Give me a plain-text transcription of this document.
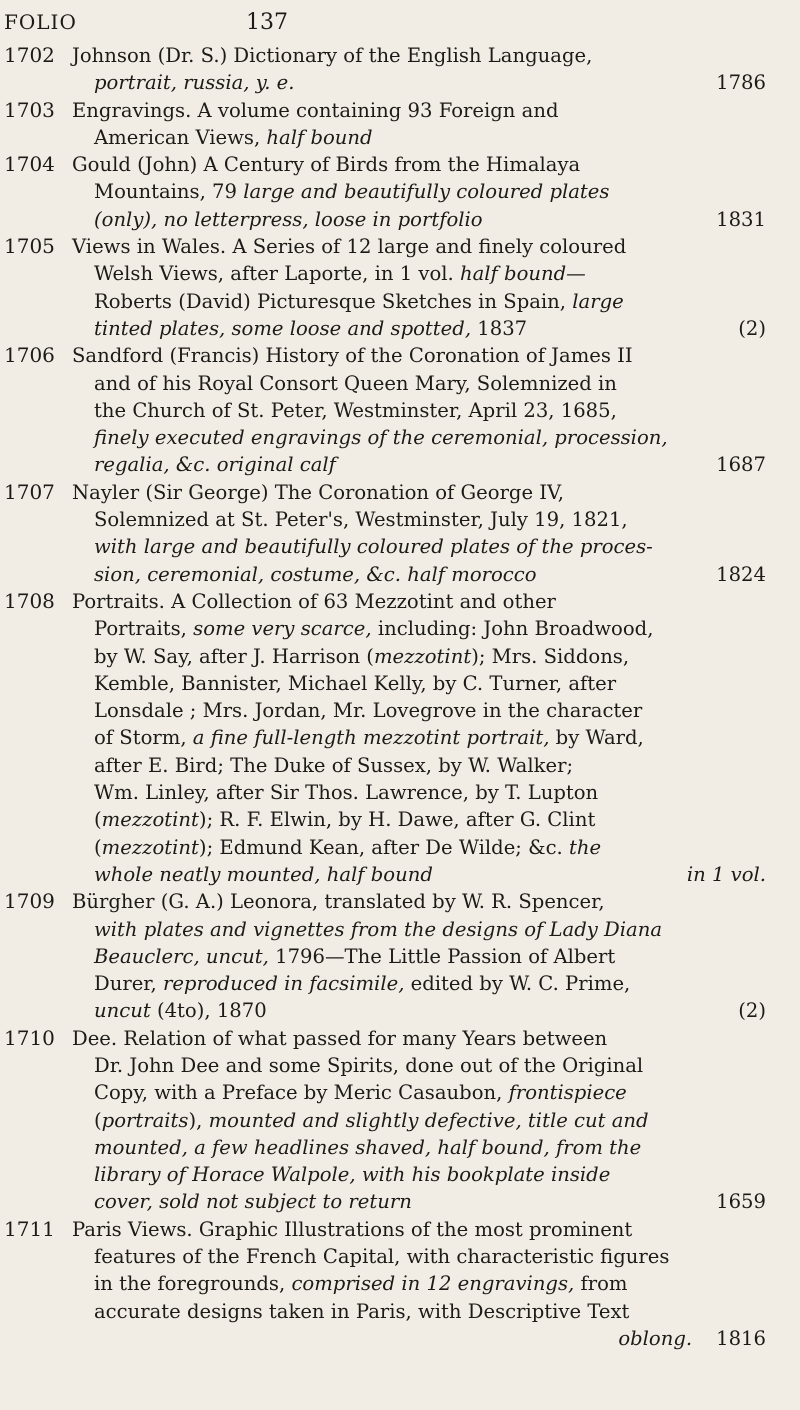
FOLIO	137
1702 Johnson (Dr. S.) Dictionary of the English Language,

1786
portrait, russia, y. e.

1703 Engravings. A volume containing 93 Foreign and

American Views, half bound

1704 Gould (John) A Century of Birds from the Himalaya

Mountains, 79 large and beautifully coloured plates

1831
(only), no letterpress, loose in portfolio

1705 Views in Wales. A Series of 12 large and finely coloured

Welsh Views, after Laporte, in 1 vol. half bound—

Roberts (David) Picturesque Sketches in Spain, large

(2)
tinted plates, some loose and spotted, 1837

1706 Sandford (Francis) History of the Coronation of James II

and of his Royal Consort Queen Mary, Solemnized in

the Church of St. Peter, Westminster, April 23, 1685,

finely executed engravings of the ceremonial, procession,

1687
regalia, &c. original calf

1707 Nayler (Sir George) The Coronation of George IV,

Solemnized at St. Peter's, Westminster, July 19, 1821,

with large and beautifully coloured plates of the proces-

1824
sion, ceremonial, costume, &c. half morocco

1708 Portraits. A Collection of 63 Mezzotint and other

Portraits, some very scarce, including: John Broadwood,

by W. Say, after J. Harrison (mezzotint); Mrs. Siddons,

Kemble, Bannister, Michael Kelly, by C. Turner, after

Lonsdale ; Mrs. Jordan, Mr. Lovegrove in the character

of Storm, a fine full-length mezzotint portrait, by Ward,

after E. Bird; The Duke of Sussex, by W. Walker;

Wm. Linley, after Sir Thos. Lawrence, by T. Lupton

(mezzotint); R. F. Elwin, by H. Dawe, after G. Clint

(mezzotint); Edmund Kean, after De Wilde; &c. the

in 1 vol.
whole neatly mounted, half bound

1709 Bürgher (G. A.) Leonora, translated by W. R. Spencer,

with plates and vignettes from the designs of Lady Diana

Beauclerc, uncut, 1796—The Little Passion of Albert

Durer, reproduced in facsimile, edited by W. C. Prime,

(2)
uncut (4to), 1870

1710 Dee. Relation of what passed for many Years between

Dr. John Dee and some Spirits, done out of the Original

Copy, with a Preface by Meric Casaubon, frontispiece

(portraits), mounted and slightly defective, title cut and

mounted, a few headlines shaved, half bound, from the

library of Horace Walpole, with his bookplate inside

1659
cover, sold not subject to return

1711 Paris Views. Graphic Illustrations of the most prominent

features of the French Capital, with characteristic figures

in the foregrounds, comprised in 12 engravings, from

accurate designs taken in Paris, with Descriptive Text

oblong. 1816
